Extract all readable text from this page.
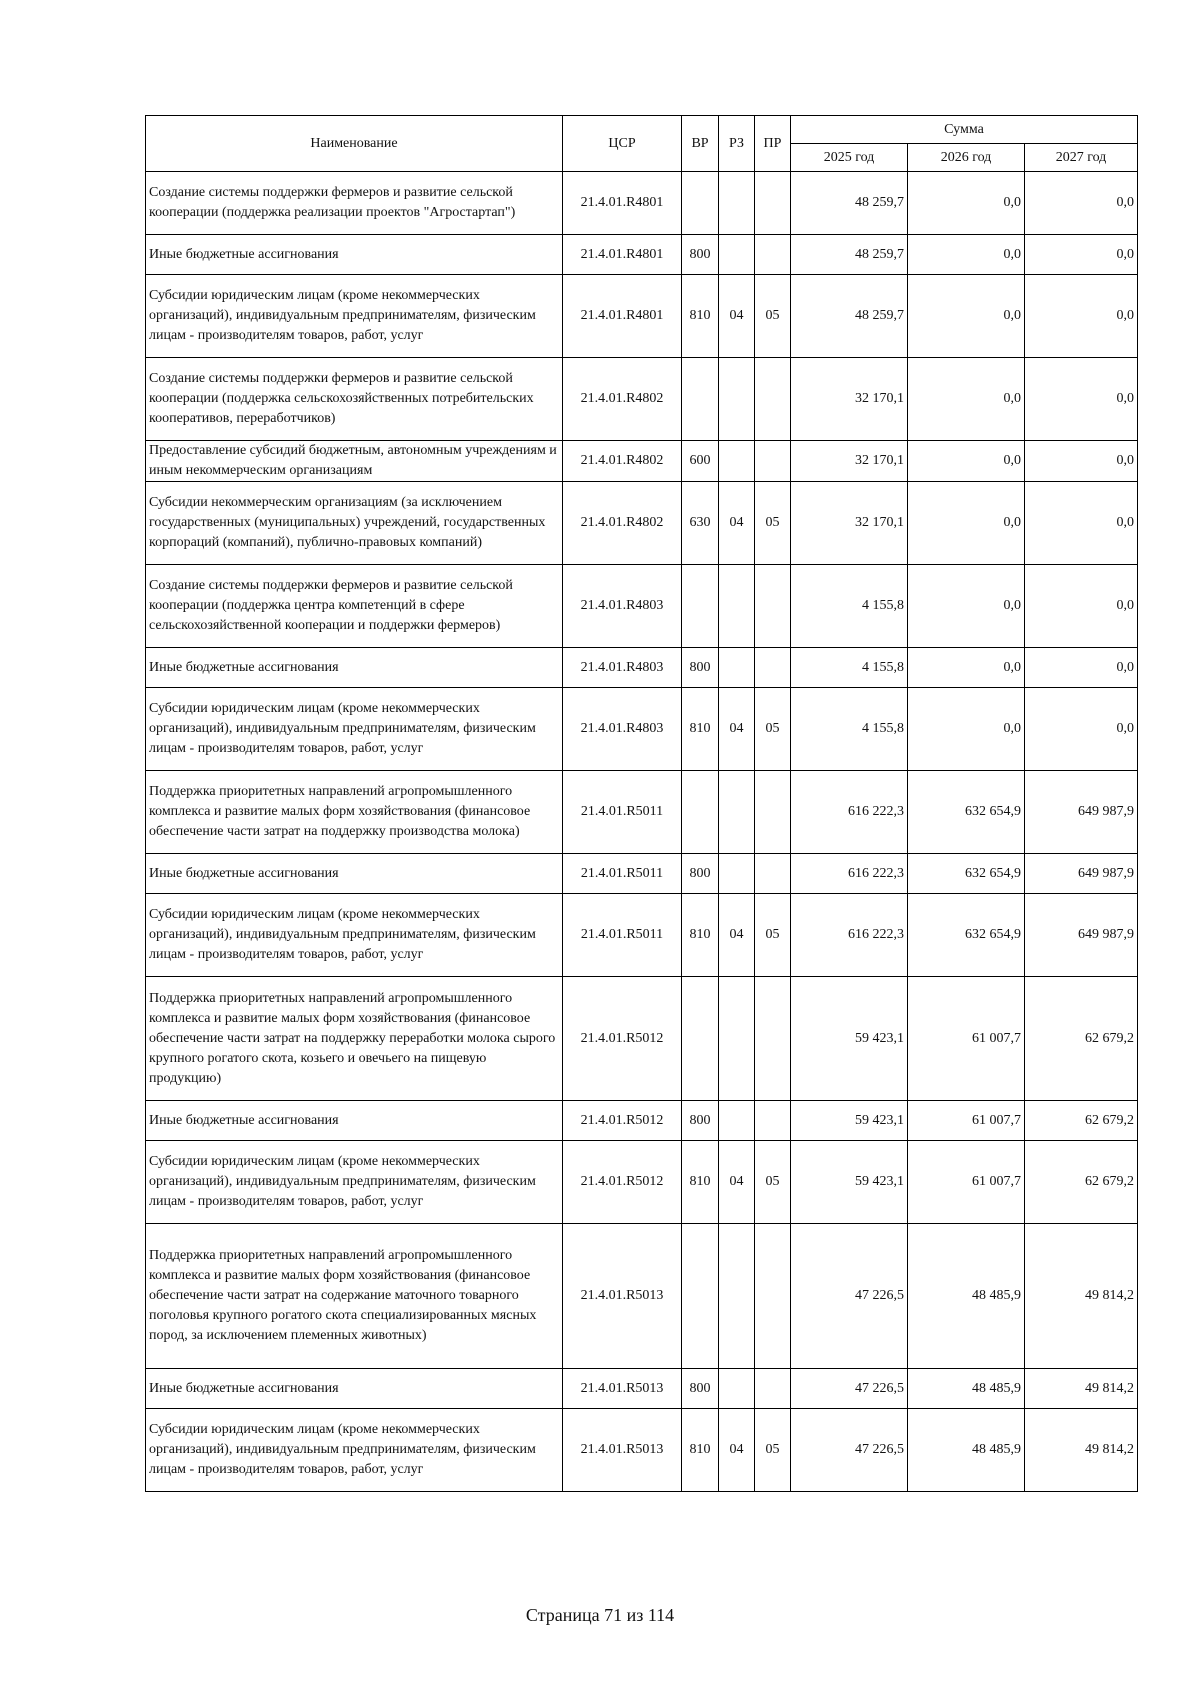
Наименование	ЦСР	ВР	РЗ	ПР	Сумма		
					2025 год	2026 год	2027 год
Создание системы поддержки фермеров и развитие сельской кооперации (поддержка реализации проектов "Агростартап")	21.4.01.R4801				48 259,7	0,0	0,0
Иные бюджетные ассигнования	21.4.01.R4801	800			48 259,7	0,0	0,0
Субсидии юридическим лицам (кроме некоммерческих организаций), индивидуальным предпринимателям, физическим лицам - производителям товаров, работ, услуг	21.4.01.R4801	810	04	05	48 259,7	0,0	0,0
Создание системы поддержки фермеров и развитие сельской кооперации (поддержка сельскохозяйственных потребительских кооперативов, переработчиков)	21.4.01.R4802				32 170,1	0,0	0,0
Предоставление субсидий бюджетным, автономным учреждениям и иным некоммерческим организациям	21.4.01.R4802	600			32 170,1	0,0	0,0
Субсидии некоммерческим организациям (за исключением государственных (муниципальных) учреждений, государственных корпораций (компаний), публично-правовых компаний)	21.4.01.R4802	630	04	05	32 170,1	0,0	0,0
Создание системы поддержки фермеров и развитие сельской кооперации (поддержка центра компетенций в сфере сельскохозяйственной кооперации и поддержки фермеров)	21.4.01.R4803				4 155,8	0,0	0,0
Иные бюджетные ассигнования	21.4.01.R4803	800			4 155,8	0,0	0,0
Субсидии юридическим лицам (кроме некоммерческих организаций), индивидуальным предпринимателям, физическим лицам - производителям товаров, работ, услуг	21.4.01.R4803	810	04	05	4 155,8	0,0	0,0
Поддержка приоритетных направлений агропромышленного комплекса и развитие малых форм хозяйствования (финансовое обеспечение части затрат на поддержку производства молока)	21.4.01.R5011				616 222,3	632 654,9	649 987,9
Иные бюджетные ассигнования	21.4.01.R5011	800			616 222,3	632 654,9	649 987,9
Субсидии юридическим лицам (кроме некоммерческих организаций), индивидуальным предпринимателям, физическим лицам - производителям товаров, работ, услуг	21.4.01.R5011	810	04	05	616 222,3	632 654,9	649 987,9
Поддержка приоритетных направлений агропромышленного комплекса и развитие малых форм хозяйствования (финансовое обеспечение части затрат на поддержку переработки молока сырого крупного рогатого скота, козьего и овечьего на пищевую продукцию)	21.4.01.R5012				59 423,1	61 007,7	62 679,2
Иные бюджетные ассигнования	21.4.01.R5012	800			59 423,1	61 007,7	62 679,2
Субсидии юридическим лицам (кроме некоммерческих организаций), индивидуальным предпринимателям, физическим лицам - производителям товаров, работ, услуг	21.4.01.R5012	810	04	05	59 423,1	61 007,7	62 679,2
Поддержка приоритетных направлений агропромышленного комплекса и развитие малых форм хозяйствования (финансовое обеспечение части затрат на содержание маточного товарного поголовья крупного рогатого скота специализированных мясных пород, за исключением племенных животных)	21.4.01.R5013				47 226,5	48 485,9	49 814,2
Иные бюджетные ассигнования	21.4.01.R5013	800			47 226,5	48 485,9	49 814,2
Субсидии юридическим лицам (кроме некоммерческих организаций), индивидуальным предпринимателям, физическим лицам - производителям товаров, работ, услуг	21.4.01.R5013	810	04	05	47 226,5	48 485,9	49 814,2
Страница 71 из 114
